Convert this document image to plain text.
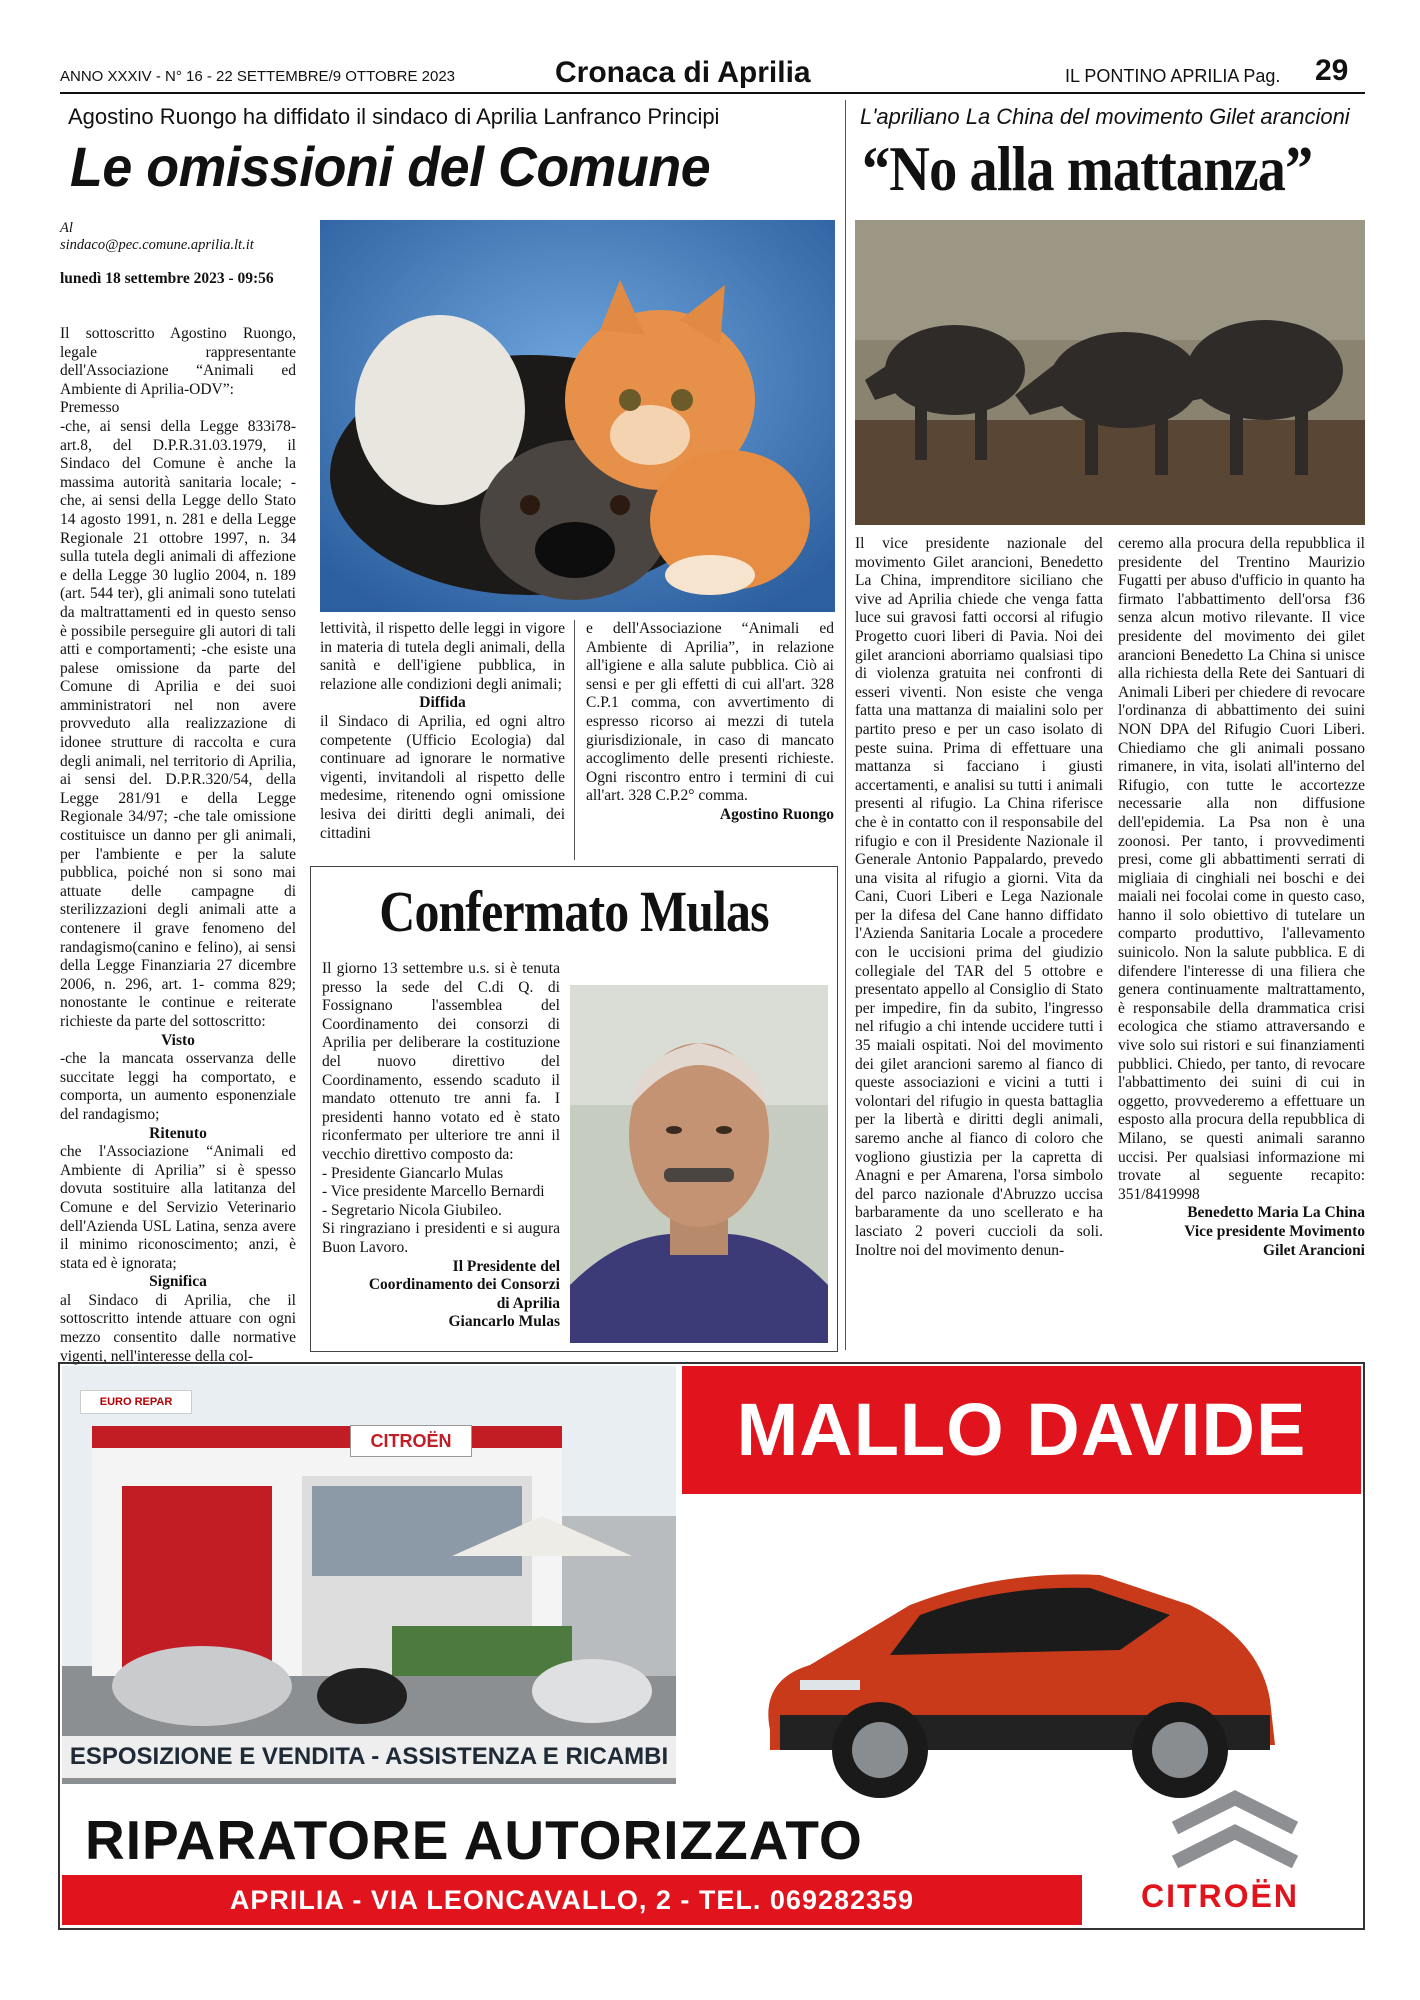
ANNO XXXIV - N° 16 - 22 SETTEMBRE/9 OTTOBRE 2023	Cronaca di Aprilia	IL PONTINO APRILIA Pag. 29
Agostino Ruongo ha diffidato il sindaco di Aprilia Lanfranco Principi
Le omissioni del Comune
Al
sindaco@pec.comune.aprilia.lt.it
lunedì 18 settembre 2023 - 09:56

Il sottoscritto Agostino Ruongo, legale rappresentante dell'Associazione “Animali ed Ambiente di Aprilia-ODV”:

Premesso

-che, ai sensi della Legge 833i78-art.8, del D.P.R.31.03.1979, il Sindaco del Comune è anche la massima autorità sanitaria locale; -che, ai sensi della Legge dello Stato 14 agosto 1991, n. 281 e della Legge Regionale 21 ottobre 1997, n. 34 sulla tutela degli animali di affezione e della Legge 30 luglio 2004, n. 189 (art. 544 ter), gli animali sono tutelati da maltrattamenti ed in questo senso è possibile perseguire gli autori di tali atti e comportamenti; -che esiste una palese omissione da parte del Comune di Aprilia e dei suoi amministratori nel non avere provveduto alla realizzazione di idonee strutture di raccolta e cura degli animali, nel territorio di Aprilia, ai sensi del. D.P.R.320/54, della Legge 281/91 e della Legge Regionale 34/97; -che tale omissione costituisce un danno per gli animali, per l'ambiente e per la salute pubblica, poiché non si sono mai attuate delle campagne di sterilizzazioni degli animali atte a contenere il grave fenomeno del randagismo(canino e felino), ai sensi della Legge Finanziaria 27 dicembre 2006, n. 296, art. 1- comma 829; nonostante le continue e reiterate richieste da parte del sottoscritto:

Visto

-che la mancata osservanza delle succitate leggi ha comportato, e comporta, un aumento esponenziale del randagismo;

Ritenuto

che l'Associazione “Animali ed Ambiente di Aprilia” si è spesso dovuta sostituire alla latitanza del Comune e del Servizio Veterinario dell'Azienda USL Latina, senza avere il minimo riconoscimento; anzi, è stata ed è ignorata;

Significa

al Sindaco di Aprilia, che il sottoscritto intende attuare con ogni mezzo consentito dalle normative vigenti, nell'interesse della col-

lettività, il rispetto delle leggi in vigore in materia di tutela degli animali, della sanità e dell'igiene pubblica, in relazione alle condizioni degli animali;

Diffida

il Sindaco di Aprilia, ed ogni altro competente (Ufficio Ecologia) dal continuare ad ignorare le normative vigenti, invitandoli al rispetto delle medesime, ritenendo ogni omissione lesiva dei diritti degli animali, dei cittadini

e dell'Associazione “Animali ed Ambiente di Aprilia”, in relazione all'igiene e alla salute pubblica. Ciò ai sensi e per gli effetti di cui all'art. 328 C.P.1 comma, con avvertimento di espresso ricorso ai mezzi di tutela giurisdizionale, in caso di mancato accoglimento delle presenti richieste. Ogni riscontro entro i termini di cui all'art. 328 C.P.2° comma.

Agostino Ruongo

Confermato Mulas

Il giorno 13 settembre u.s. si è tenuta presso la sede del C.di Q. di Fossignano l'assemblea del Coordinamento dei consorzi di Aprilia per deliberare la costituzione del nuovo direttivo del Coordinamento, essendo scaduto il mandato ottenuto tre anni fa. I presidenti hanno votato ed è stato riconfermato per ulteriore tre anni il vecchio direttivo composto da:

- Presidente Giancarlo Mulas

- Vice presidente Marcello Bernardi

- Segretario Nicola Giubileo.

Si ringraziano i presidenti e si augura Buon Lavoro.

Il Presidente del

Coordinamento dei Consorzi

di Aprilia

Giancarlo Mulas

L'apriliano La China del movimento Gilet arancioni
“No alla mattanza”

Il vice presidente nazionale del movimento Gilet arancioni, Benedetto La China, imprenditore siciliano che vive ad Aprilia chiede che venga fatta luce sui gravosi fatti occorsi al rifugio Progetto cuori liberi di Pavia. Noi dei gilet arancioni aborriamo qualsiasi tipo di violenza gratuita nei confronti di esseri viventi. Non esiste che venga fatta una mattanza di maialini solo per partito preso e per un caso isolato di peste suina. Prima di effettuare una mattanza si facciano i giusti accertamenti, e analisi su tutti i animali presenti al rifugio. La China riferisce che è in contatto con il responsabile del rifugio e con il Presidente Nazionale il Generale Antonio Pappalardo, prevedo una visita al rifugio a giorni. Vita da Cani, Cuori Liberi e Lega Nazionale per la difesa del Cane hanno diffidato l'Azienda Sanitaria Locale a procedere con le uccisioni prima del giudizio collegiale del TAR del 5 ottobre e presentato appello al Consiglio di Stato per impedire, fin da subito, l'ingresso nel rifugio a chi intende uccidere tutti i 35 maiali ospitati. Noi del movimento dei gilet arancioni saremo al fianco di queste associazioni e vicini a tutti i volontari del rifugio in questa battaglia per la libertà e diritti degli animali, saremo anche al fianco di coloro che vogliono giustizia per la capretta di Anagni e per Amarena, l'orsa simbolo del parco nazionale d'Abruzzo uccisa barbaramente da uno scellerato e ha lasciato 2 poveri cuccioli da soli. Inoltre noi del movimento denun-

ceremo alla procura della repubblica il presidente del Trentino Maurizio Fugatti per abuso d'ufficio in quanto ha firmato l'abbattimento dell'orsa f36 senza alcun motivo rilevante. Il vice presidente del movimento dei gilet arancioni Benedetto La China si unisce alla richiesta della Rete dei Santuari di Animali Liberi per chiedere di revocare l'ordinanza di abbattimento dei suini NON DPA del Rifugio Cuori Liberi. Chiediamo che gli animali possano rimanere, in vita, isolati all'interno del Rifugio, con tutte le accortezze necessarie alla non diffusione dell'epidemia. La Psa non è una zoonosi. Per tanto, i provvedimenti presi, come gli abbattimenti serrati di migliaia di cinghiali nei boschi e dei maiali nei focolai come in questo caso, hanno il solo obiettivo di tutelare un comparto produttivo, l'allevamento suinicolo. Non la salute pubblica. E di difendere l'interesse di una filiera che genera continuamente maltrattamento, è responsabile della drammatica crisi ecologica che stiamo attraversando e vive solo sui ristori e sui finanziamenti pubblici. Chiedo, per tanto, di revocare l'abbattimento dei suini di cui in oggetto, provvederemo a effettuare un esposto alla procura della repubblica di Milano, se questi animali saranno uccisi. Per qualsiasi informazione mi trovate al seguente recapito: 351/8419998

Benedetto Maria La China

Vice presidente Movimento

Gilet Arancioni

EURO REPAR
CITROËN
ESPOSIZIONE E VENDITA - ASSISTENZA E RICAMBI
MALLO DAVIDE
RIPARATORE AUTORIZZATO
APRILIA - VIA LEONCAVALLO, 2 - TEL. 069282359	CITROËN
